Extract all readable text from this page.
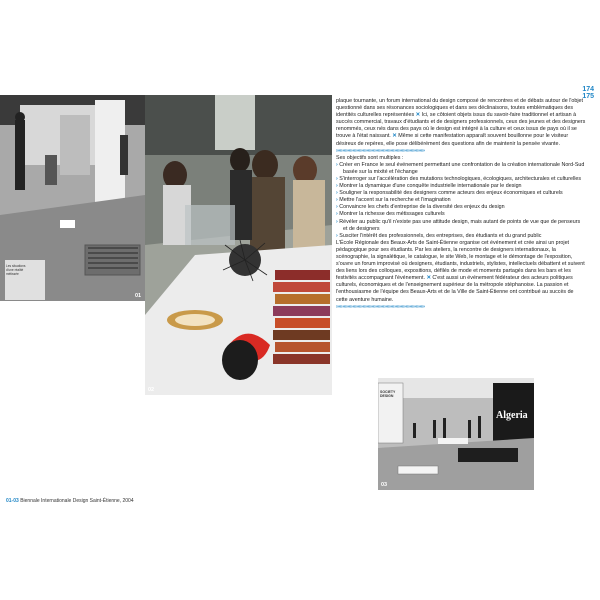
Les situations
d'une réalité
métissée
01
02
174
175

plaque tournante, un forum international du design composé de rencontres et de débats autour de l'objet questionné dans ses résonances sociologiques et dans ses déclinaisons, toutes emblématiques des identités culturelles représentées ✕ Ici, se côtoient objets issus du savoir-faire traditionnel et artisan à succès commercial, travaux d'étudiants et de designers professionnels, ceux des jeunes et des designers renommés, ceux nés dans des pays où le design est intégré à la culture et ceux issus de pays où il se trouve à l'état naissant. ✕ Même si cette manifestation apparaît souvent bouillonne pour le visiteur désireux de repères, elle pose délibérément des questions afin de maintenir la pensée vivante.

››››››››››››››››››››››››››››››››››››››››››››››››››››››››››››››››››››››

Ses objectifs sont multiples :

› Créer en France le seul événement permettant une confrontation de la création internationale Nord-Sud basée sur la mixité et l'échange
› S'interroger sur l'accélération des mutations technologiques, écologiques, architecturales et culturelles
› Montrer la dynamique d'une conquête industrielle internationale par le design
› Souligner la responsabilité des designers comme acteurs des enjeux économiques et culturels
› Mettre l'accent sur la recherche et l'imagination
› Convaincre les chefs d'entreprise de la diversité des enjeux du design
› Montrer la richesse des métissages culturels
› Révéler au public qu'il n'existe pas une attitude design, mais autant de points de vue que de penseurs et de designers
› Susciter l'intérêt des professionnels, des entreprises, des étudiants et du grand public

L'École Régionale des Beaux-Arts de Saint-Étienne organise cet événement et crée ainsi un projet pédagogique pour ses étudiants. Par les ateliers, la rencontre de designers internationaux, la scénographie, la signalétique, le catalogue, le site Web, le montage et le démontage de l'exposition, s'ouvre un forum improvisé où designers, étudiants, industriels, stylistes, intellectuels débattent et suivent des liens lors des colloques, expositions, défilés de mode et moments partagés dans les bars et les festivités accompagnant l'événement. ✕ C'est aussi un événement fédérateur des acteurs politiques culturels, économiques et de l'enseignement supérieur de la métropole stéphanoise. La passion et l'enthousiasme de l'équipe des Beaux-Arts et de la Ville de Saint-Étienne ont contribué au succès de cette aventure humaine.

››››››››››››››››››››››››››››››››››››››››››››››››››››››››››››››››››››››
SOCIETY DESIGN
Algeria
03
01-03 Biennale Internationale Design Saint-Étienne, 2004
